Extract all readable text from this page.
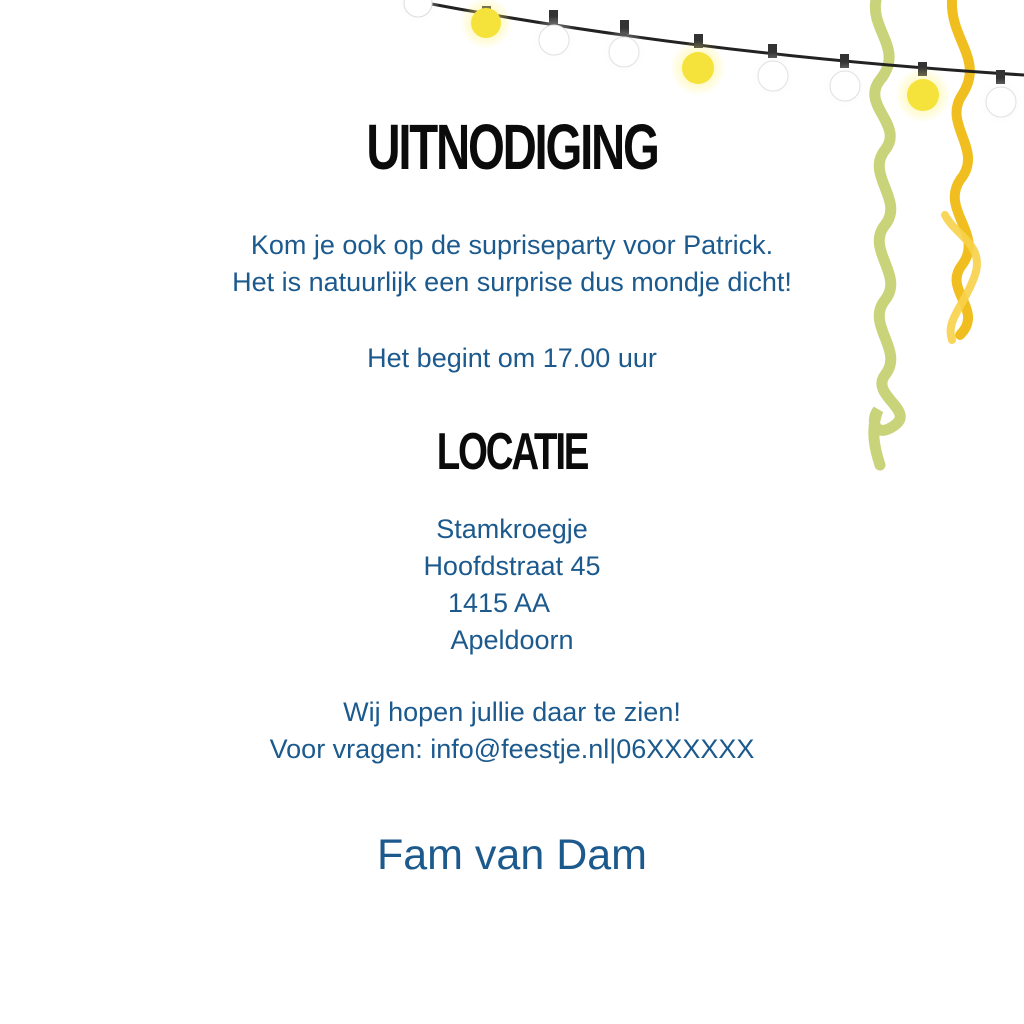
UITNODIGING

Kom je ook op de supriseparty voor Patrick.
Het is natuurlijk een surprise dus mondje dicht!

Het begint om 17.00 uur

LOCATIE

Stamkroegje
Hoofdstraat 45
1415 AA
Apeldoorn

Wij hopen jullie daar te zien!
Voor vragen: info@feestje.nl|06XXXXXX

Fam van Dam
